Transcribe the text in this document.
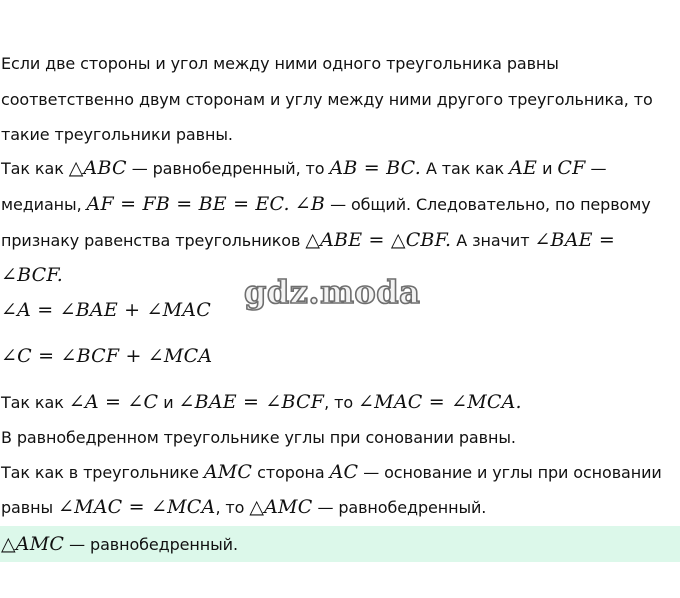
Если две стороны и угол между ними одного треугольника равны
соответственно двум сторонам и углу между ними другого треугольника, то
такие треугольники равны.
Так как △ABC — равнобедренный, то AB = BC. А так как AE и CF —
медианы, AF = FB = BE = EC. ∠B — общий. Следовательно, по первому
признаку равенства треугольников △ABE = △CBF. А значит ∠BAE =
∠BCF.
∠A = ∠BAE + ∠MAC
∠C = ∠BCF + ∠MCA
Так как ∠A = ∠C и ∠BAE = ∠BCF, то ∠MAC = ∠MCA.
В равнобедренном треугольнике углы при сoновании равны.
Так как в треугольнике AMC сторона AC — основание и углы при основании
равны ∠MAC = ∠MCA, то △AMC — равнобедренный.
△AMC — равнобедренный.
gdz.moda
